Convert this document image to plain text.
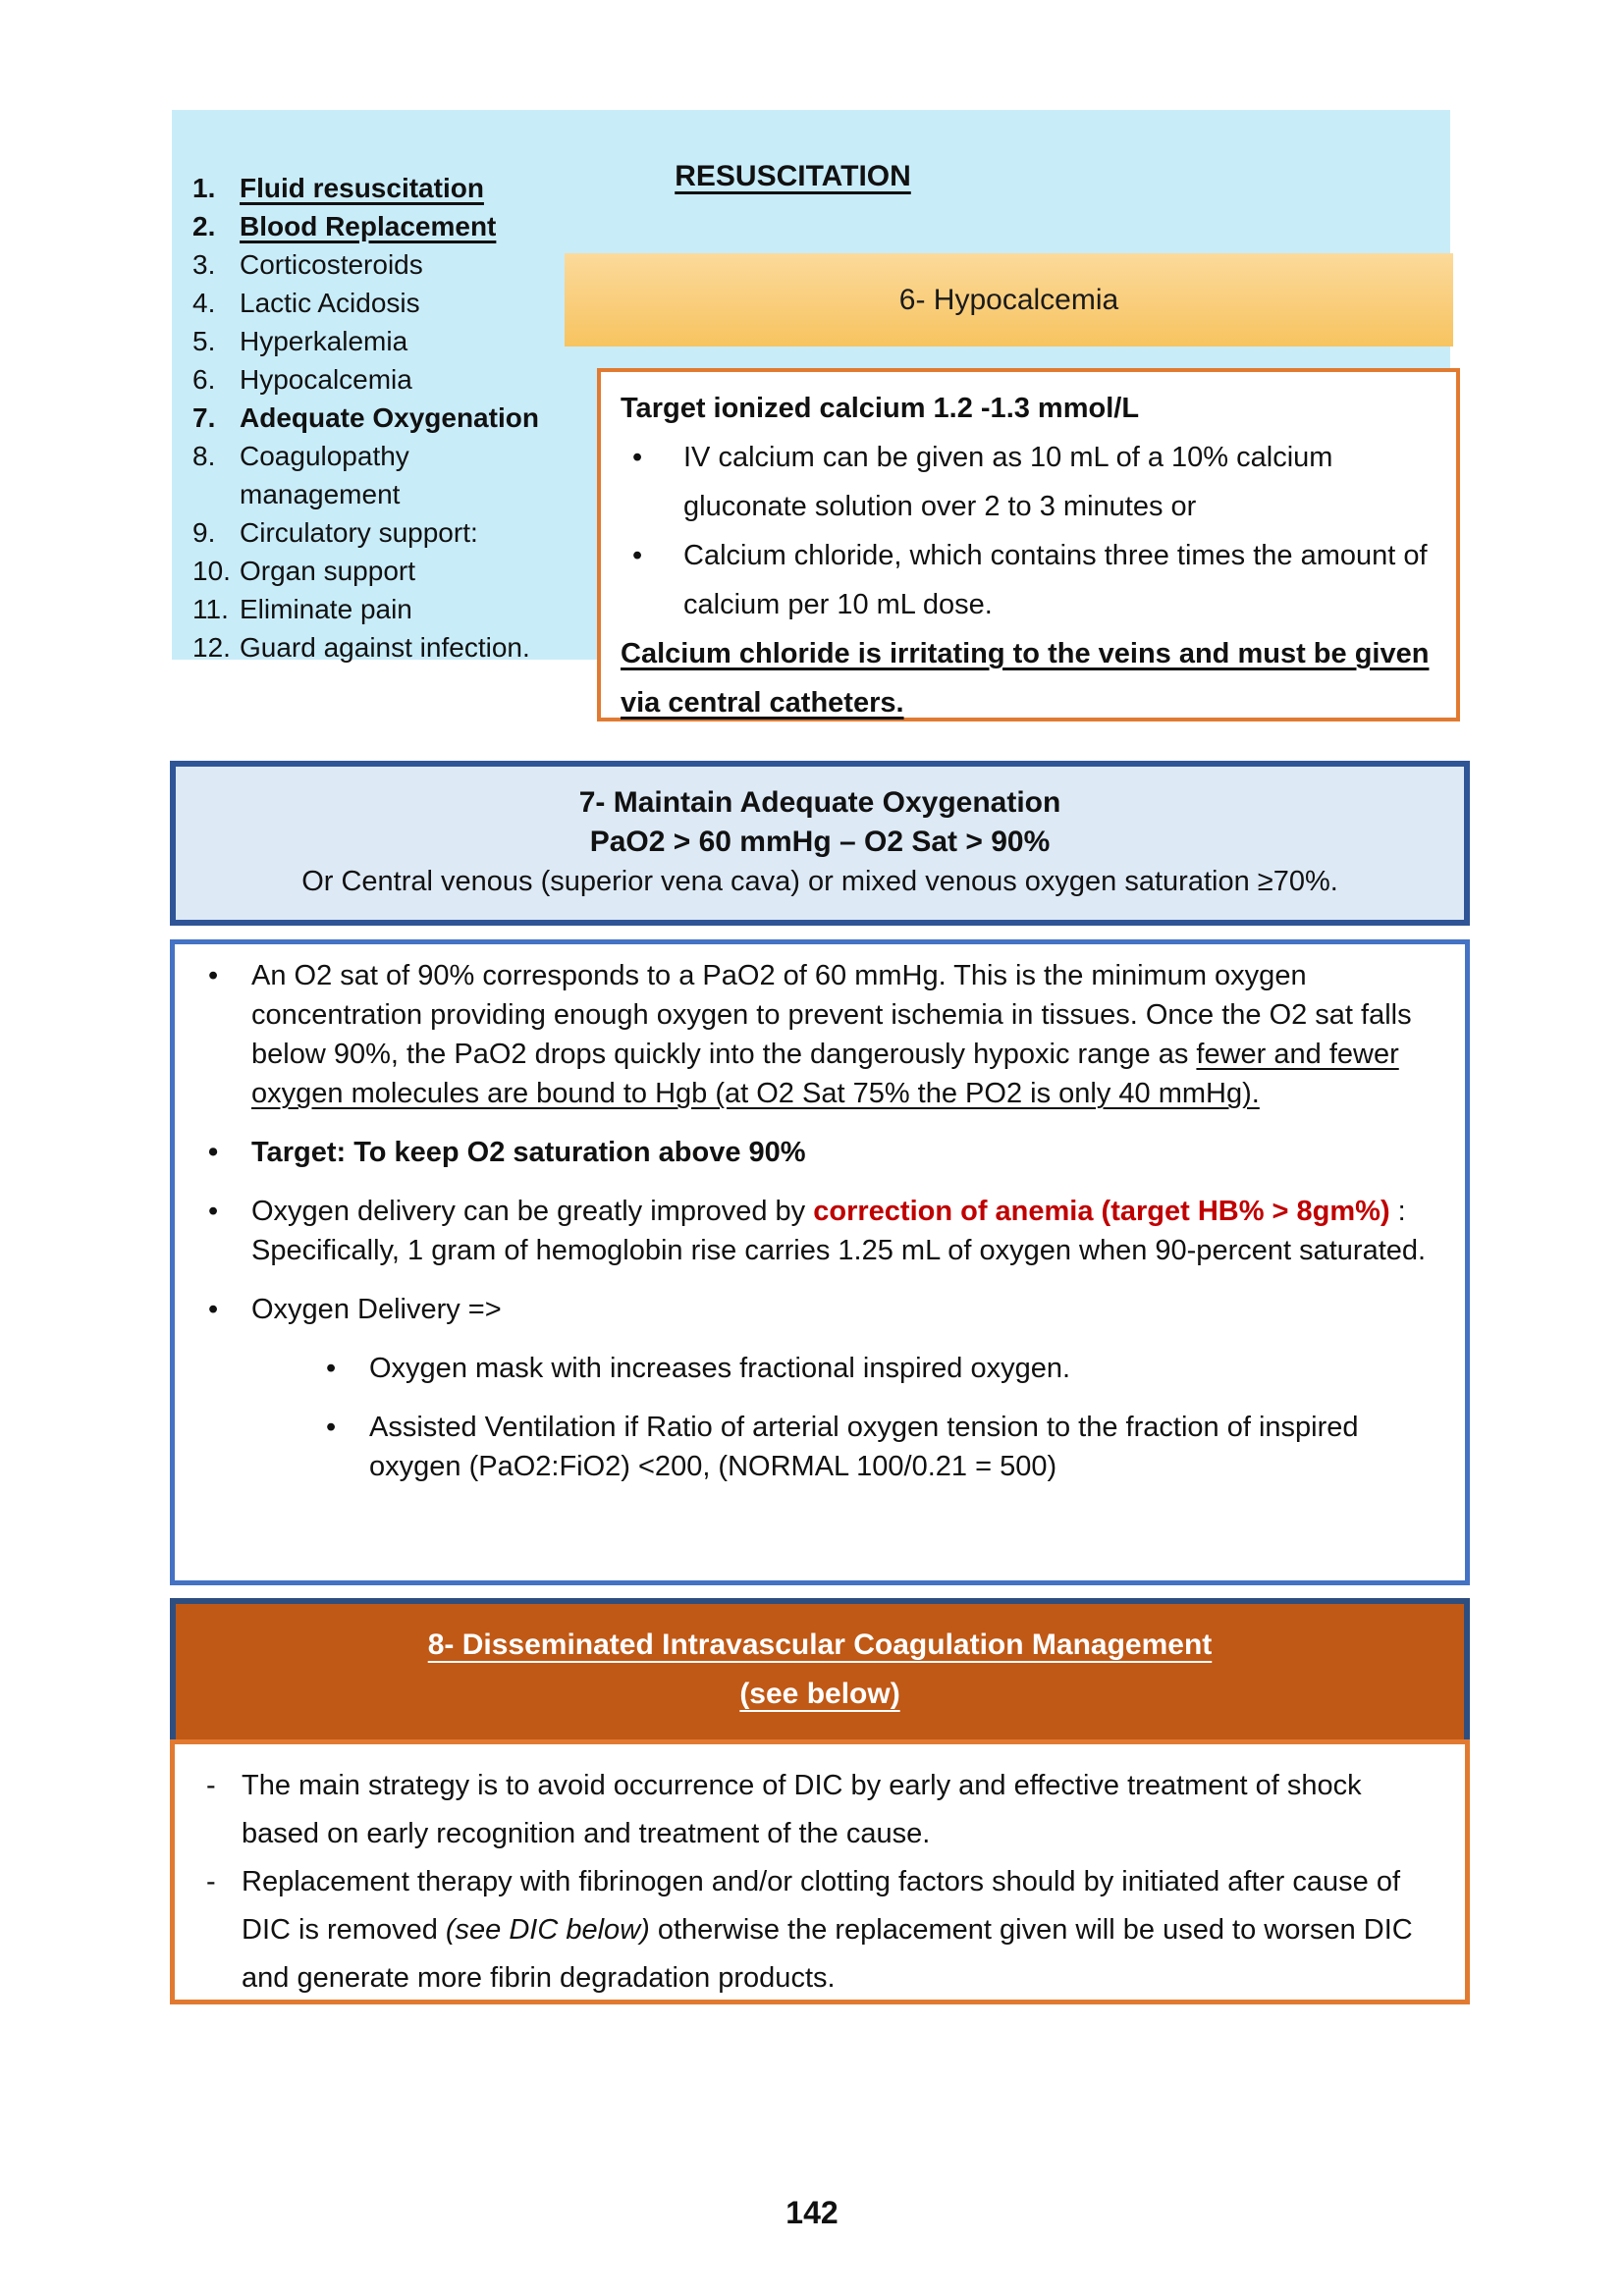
RESUSCITATION
1. Fluid resuscitation
2. Blood Replacement
3. Corticosteroids
4. Lactic Acidosis
5. Hyperkalemia
6. Hypocalcemia
7. Adequate Oxygenation
8. Coagulopathy
management
9. Circulatory support:
10. Organ support
11. Eliminate pain
12. Guard against infection.
6- Hypocalcemia
Target ionized calcium 1.2 -1.3 mmol/L
•	IV calcium can be given as 10 mL of a 10% calcium gluconate solution over 2 to 3 minutes or
•	Calcium chloride, which contains three times the amount of calcium per 10 mL dose.
Calcium chloride is irritating to the veins and must be given via central catheters.
7- Maintain Adequate Oxygenation
PaO2 > 60 mmHg – O2 Sat > 90%
Or Central venous (superior vena cava) or mixed venous oxygen saturation ≥70%.
•	An O2 sat of 90% corresponds to a PaO2 of 60 mmHg. This is the minimum oxygen concentration providing enough oxygen to prevent ischemia in tissues. Once the O2 sat falls below 90%, the PaO2 drops quickly into the dangerously hypoxic range as fewer and fewer oxygen molecules are bound to Hgb (at O2 Sat 75% the PO2 is only 40 mmHg).
•	Target: To keep O2 saturation above 90%
•	Oxygen delivery can be greatly improved by correction of anemia (target HB% > 8gm%) : Specifically, 1 gram of hemoglobin rise carries 1.25 mL of oxygen when 90-percent saturated.
•	Oxygen Delivery =>
•	Oxygen mask with increases fractional inspired oxygen.
•	Assisted Ventilation if Ratio of arterial oxygen tension to the fraction of inspired oxygen (PaO2:FiO2) <200, (NORMAL 100/0.21 = 500)
8- Disseminated Intravascular Coagulation Management
(see below)
- The main strategy is to avoid occurrence of DIC by early and effective treatment of shock based on early recognition and treatment of the cause.
- Replacement therapy with fibrinogen and/or clotting factors should by initiated after cause of DIC is removed (see DIC below) otherwise the replacement given will be used to worsen DIC and generate more fibrin degradation products.
142
